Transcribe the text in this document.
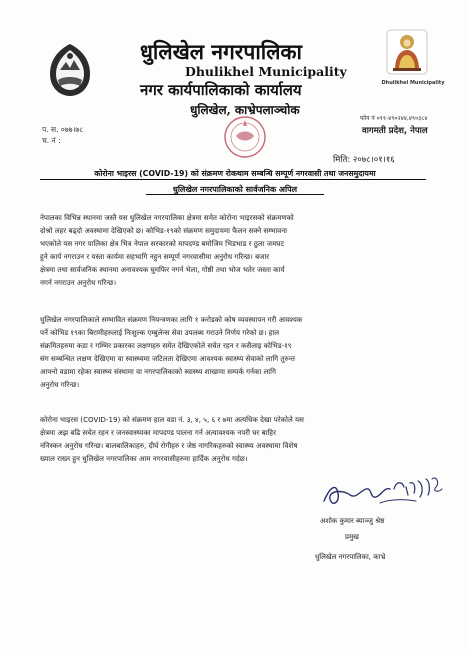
धुलिखेल नगरपालिका
Dhulikhel Municipality
नगर कार्यपालिकाको कार्यालय
धुलिखेल, काभ्रेपलाञ्चोक
Dhulikhel Municipality
प. स. ०७७।७८
च. नं :
फोन नं ०११-४९०२४४,४९०३८४
वागमती प्रदेश, नेपाल
मिति: २०७८।०१।१६
कोरोना भाइरस (COVID-19) को संक्रमण रोकथाम सम्बन्धि सम्पूर्ण नगरवासी तथा जनसमुदायमा
धुलिखेल नगरपालिकाको सार्वजनिक अपिल
नेपालका विभिन्न स्थानमा जस्तै यस धुलिखेल नगरपालिका क्षेत्रमा समेत कोरोना भाइरसको संक्रमणको
दोश्रो लहर बढ्दो अवस्थामा देखिएको छ। कोभिड-१९को संक्रमण समुदायमा फैलन सक्ने सम्भावना
भएकोले यस नगर पालिका क्षेत्र भित्र नेपाल सरकारको मापदण्ड बमोजिम भिडभाड र ठुला जमघट
हुने कार्य नगराउन र यस्ता कार्यमा सहभागि नहुन सम्पूर्ण नगरवासीमा अनुरोध गरिन्छ। बजार
क्षेत्रमा तथा सार्वजनिक स्थानमा अनावश्यक घुमफिर नगर्न भेला, गोष्ठी तथा भोज भतेर जस्ता कार्य
नगर्न नगराउन अनुरोध गरिन्छ।
धुलिखेल नगरपालिकाले सम्भावित संक्रमण नियन्त्रणका लागि १ करोडको कोष व्यवस्थापन गरी आवश्यक
पर्ने कोभिड १९का बिरामीहरुलाई निःशुल्क एम्बुलेन्स सेवा उपलब्ध गराउने निर्णय गरेको छ। हाल
संक्रमितहरुमा कडा र गम्भिर प्रकारका लक्षणहरु समेत देखिएकोले सचेत रहन र कसैलाइ कोभिड-१९
संग सम्बन्धित लक्षण देखिएमा वा स्वास्थ्यमा जटिलता देखिएमा आवश्यक स्वास्थ्य सेवाको लागि तुरुन्त
आफ्नो वडामा रहेका स्वास्थ्य संस्थामा वा नगरपालिकाको स्वास्थ्य शाखामा सम्पर्क गर्नका लागि
अनुरोध गरिन्छ।
कोरोना भाइरस (COVID-19) को संक्रमण हाल वडा नं. ३, ४, ५, ६ र ७मा अत्यधिक देखा परेकोले यस
क्षेत्रमा अझ बढि सचेत रहन र जनस्वास्थ्यका मापदण्ड पालना गर्न अत्यावश्यक नपरी घर बाहिर
ननिस्कन अनुरोध गरिन्छ। बालबालिकाहरु, दीर्घ रोगीहरु र जेष्ठ नागरिकहरुको स्वास्थ्य अवस्थामा विशेष
ख्याल राख्न हुन धुलिखेल नगरपालिका आम नगरवासीहरुमा हार्दिक अनुरोध गर्दछ।
अशोक कुमार ब्याञ्जु श्रेष्ठ
प्रमुख
धुलिखेल नगरपालिका, काभ्रे
